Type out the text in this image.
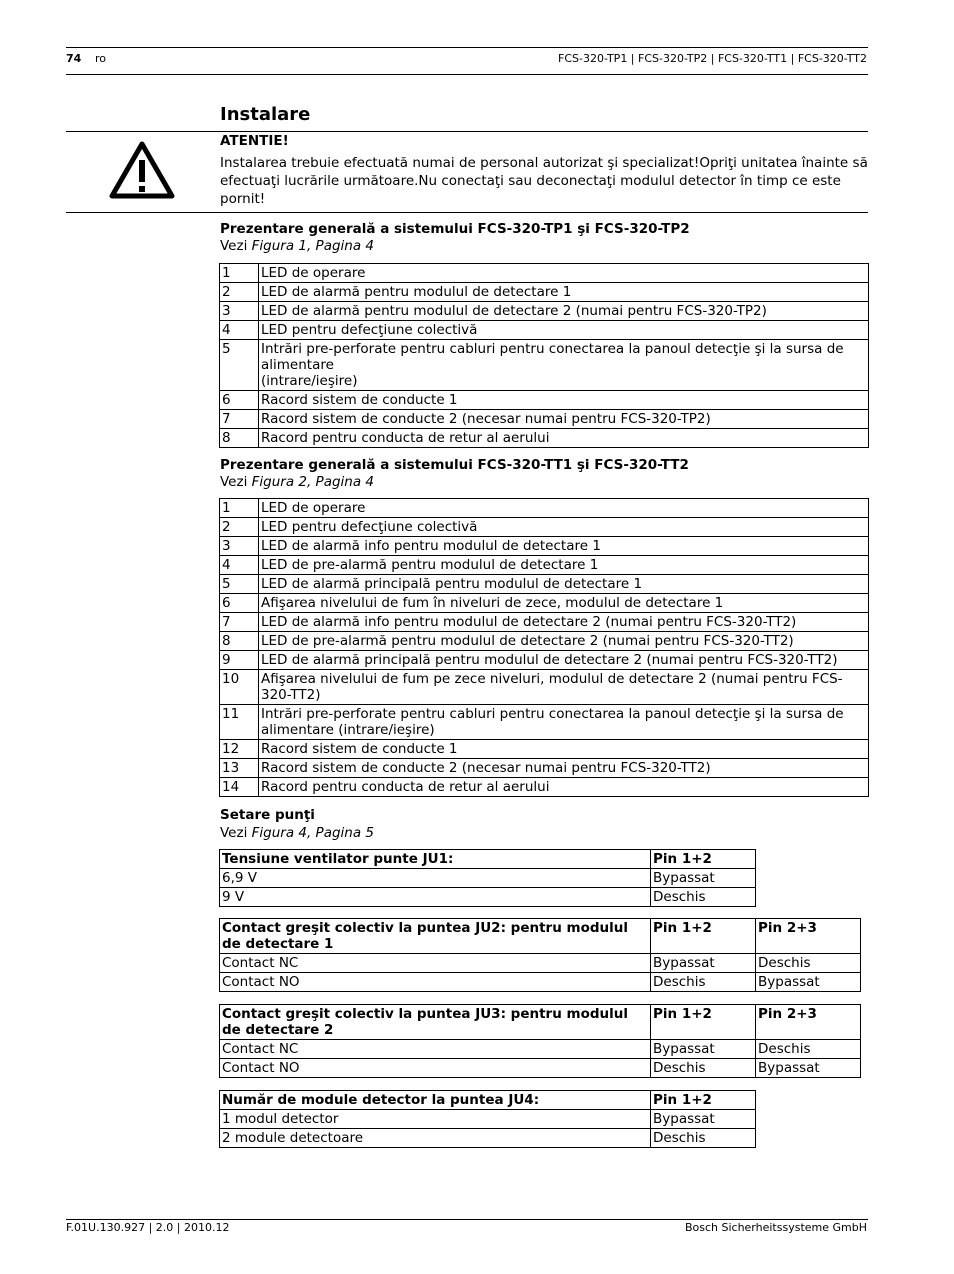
74 ro	FCS-320-TP1 | FCS-320-TP2 | FCS-320-TT1 | FCS-320-TT2
Instalare
ATENTIE!
Instalarea trebuie efectuată numai de personal autorizat şi specializat!Opriţi unitatea înainte să efectuaţi lucrările următoare.Nu conectaţi sau deconectaţi modulul detector în timp ce este pornit!
Prezentare generală a sistemului FCS-320-TP1 şi FCS-320-TP2
Vezi Figura 1, Pagina 4
1	LED de operare
2	LED de alarmă pentru modulul de detectare 1
3	LED de alarmă pentru modulul de detectare 2 (numai pentru FCS-320-TP2)
4	LED pentru defecţiune colectivă
5	Intrări pre-perforate pentru cabluri pentru conectarea la panoul detecţie şi la sursa de alimentare
(intrare/ieşire)
6	Racord sistem de conducte 1
7	Racord sistem de conducte 2 (necesar numai pentru FCS-320-TP2)
8	Racord pentru conducta de retur al aerului
Prezentare generală a sistemului FCS-320-TT1 şi FCS-320-TT2
Vezi Figura 2, Pagina 4
1	LED de operare
2	LED pentru defecţiune colectivă
3	LED de alarmă info pentru modulul de detectare 1
4	LED de pre-alarmă pentru modulul de detectare 1
5	LED de alarmă principală pentru modulul de detectare 1
6	Afişarea nivelului de fum în niveluri de zece, modulul de detectare 1
7	LED de alarmă info pentru modulul de detectare 2 (numai pentru FCS-320-TT2)
8	LED de pre-alarmă pentru modulul de detectare 2 (numai pentru FCS-320-TT2)
9	LED de alarmă principală pentru modulul de detectare 2 (numai pentru FCS-320-TT2)
10	Afişarea nivelului de fum pe zece niveluri, modulul de detectare 2 (numai pentru FCS-
320-TT2)
11	Intrări pre-perforate pentru cabluri pentru conectarea la panoul detecţie şi la sursa de
alimentare (intrare/ieşire)
12	Racord sistem de conducte 1
13	Racord sistem de conducte 2 (necesar numai pentru FCS-320-TT2)
14	Racord pentru conducta de retur al aerului
Setare punţi
Vezi Figura 4, Pagina 5
Tensiune ventilator punte JU1:	Pin 1+2
6,9 V	Bypassat
9 V	Deschis
Contact greşit colectiv la puntea JU2: pentru modulul de detectare 1	Pin 1+2	Pin 2+3
Contact NC	Bypassat	Deschis
Contact NO	Deschis	Bypassat
Contact greşit colectiv la puntea JU3: pentru modulul de detectare 2	Pin 1+2	Pin 2+3
Contact NC	Bypassat	Deschis
Contact NO	Deschis	Bypassat
Număr de module detector la puntea JU4:	Pin 1+2
1 modul detector	Bypassat
2 module detectoare	Deschis
F.01U.130.927 | 2.0 | 2010.12	Bosch Sicherheitssysteme GmbH
